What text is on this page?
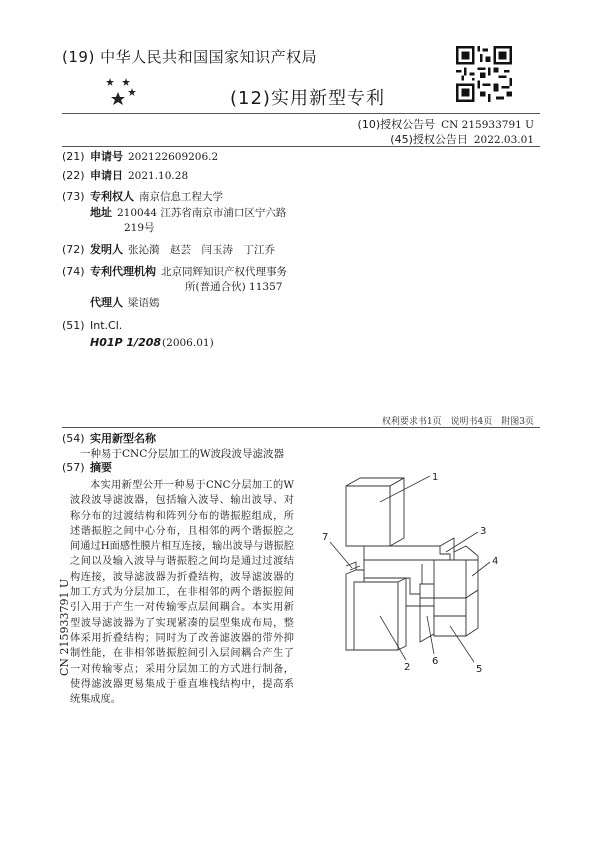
(19) 中华人民共和国国家知识产权局
(12)实用新型专利
(10)授权公告号 CN 215933791 U
(45)授权公告日 2022.03.01
(21) 申请号 202122609206.2
(22) 申请日 2021.10.28
(73) 专利权人 南京信息工程大学
地址 210044 江苏省南京市浦口区宁六路
219号
(72) 发明人 张沁漪　赵芸　闫玉涛　丁江乔
(74) 专利代理机构 北京同辉知识产权代理事务
所(普通合伙) 11357
代理人 梁语嫣
(51) Int.Cl.
H01P 1/208(2006.01)
权利要求书1页　说明书4页　附图3页
(54) 实用新型名称
一种易于CNC分层加工的W波段波导滤波器
(57) 摘要
本实用新型公开一种易于CNC分层加工的W波段波导滤波器，包括输入波导、输出波导、对称分布的过渡结构和阵列分布的谐振腔组成，所述谐振腔之间中心分布，且相邻的两个谐振腔之间通过H面感性膜片相互连接，输出波导与谐振腔之间以及输入波导与谐振腔之间均是通过过渡结构连接，波导滤波器为折叠结构，波导滤波器的加工方式为分层加工，在非相邻的两个谐振腔间引入用于产生一对传输零点层间耦合。本实用新型波导滤波器为了实现紧凑的层型集成布局，整体采用折叠结构；同时为了改善滤波器的带外抑制性能，在非相邻谐振腔间引入层间耦合产生了一对传输零点；采用分层加工的方式进行制备，使得滤波器更易集成于垂直堆栈结构中，提高系统集成度。
CN 215933791 U
1
2
3
4
5
6
7
